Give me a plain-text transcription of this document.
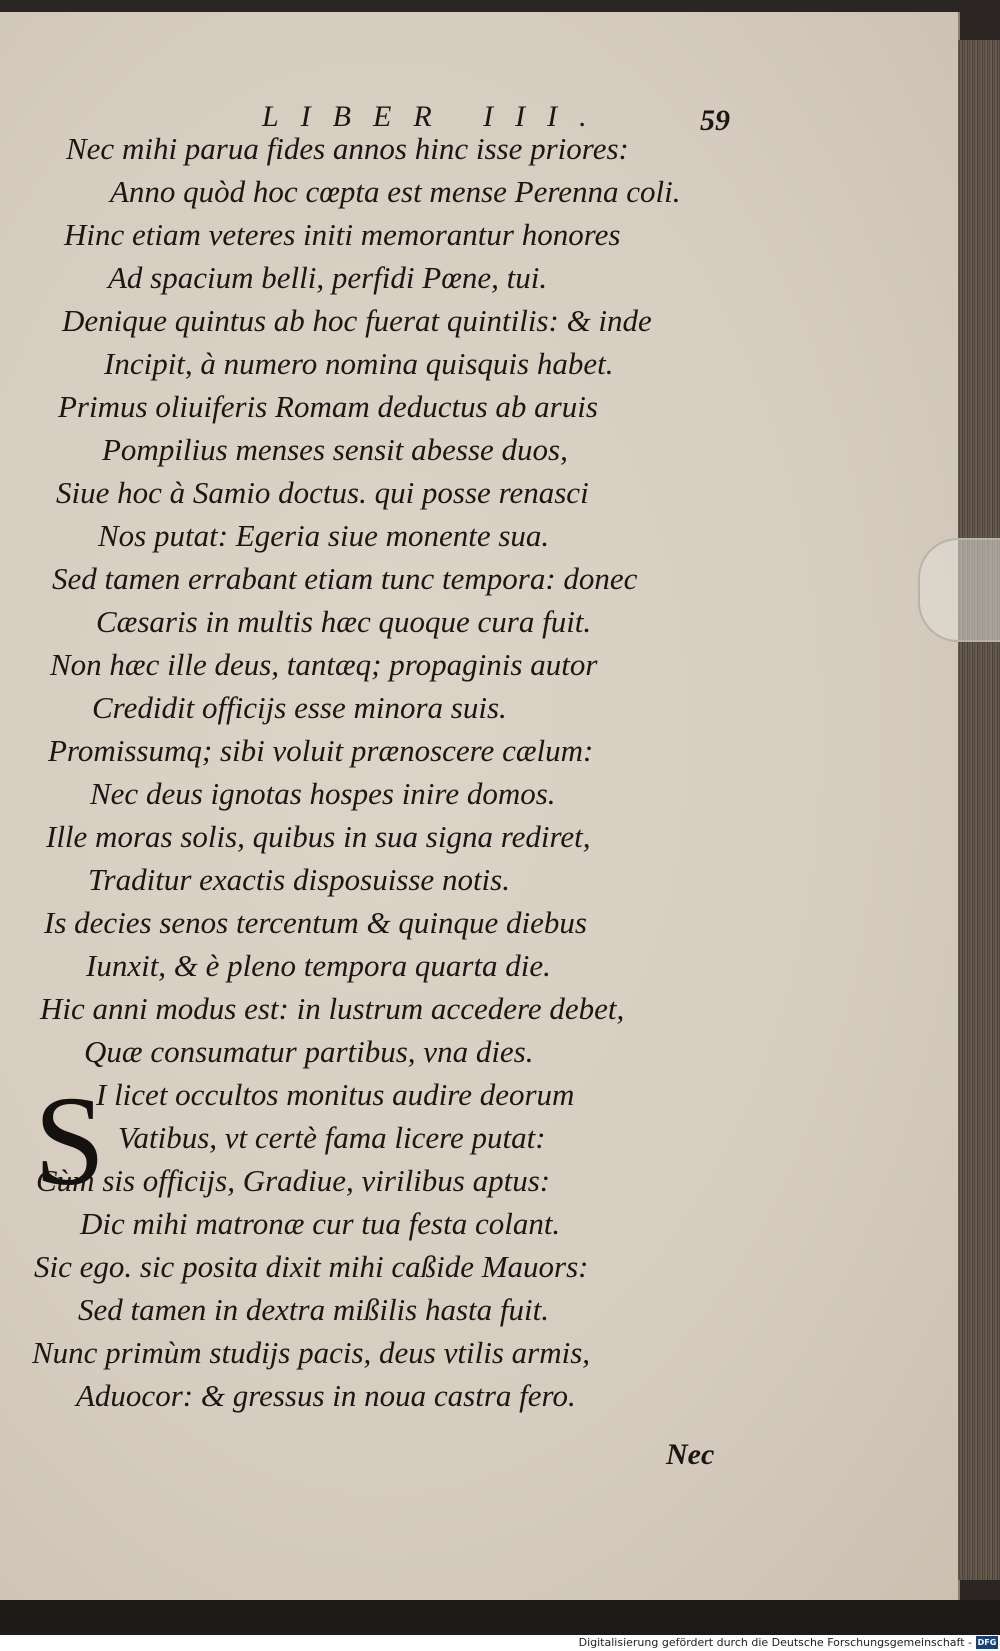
LIBER III.	59
Nec mihi parua fides annos hinc isse priores:
Anno quòd hoc cœpta est mense Perenna coli.
Hinc etiam veteres initi memorantur honores
Ad spacium belli, perfidi Pœne, tui.
Denique quintus ab hoc fuerat quintilis: & inde
Incipit, à numero nomina quisquis habet.
Primus oliuiferis Romam deductus ab aruis
Pompilius menses sensit abesse duos,
Siue hoc à Samio doctus. qui posse renasci
Nos putat: Egeria siue monente sua.
Sed tamen errabant etiam tunc tempora: donec
Cæsaris in multis hæc quoque cura fuit.
Non hæc ille deus, tantæq; propaginis autor
Credidit officijs esse minora suis.
Promissumq; sibi voluit prænoscere cælum:
Nec deus ignotas hospes inire domos.
Ille moras solis, quibus in sua signa rediret,
Traditur exactis disposuisse notis.
Is decies senos tercentum & quinque diebus
Iunxit, & è pleno tempora quarta die.
Hic anni modus est: in lustrum accedere debet,
Quæ consumatur partibus, vna dies.
I licet occultos monitus audire deorum
Vatibus, vt certè fama licere putat:
Cùm sis officijs, Gradiue, virilibus aptus:
Dic mihi matronæ cur tua festa colant.
Sic ego. sic posita dixit mihi caßide Mauors:
Sed tamen in dextra mißilis hasta fuit.
Nunc primùm studijs pacis, deus vtilis armis,
Aduocor: & gressus in noua castra fero.
S
Nec
Digitalisierung gefördert durch die Deutsche Forschungsgemeinschaft - DFG
